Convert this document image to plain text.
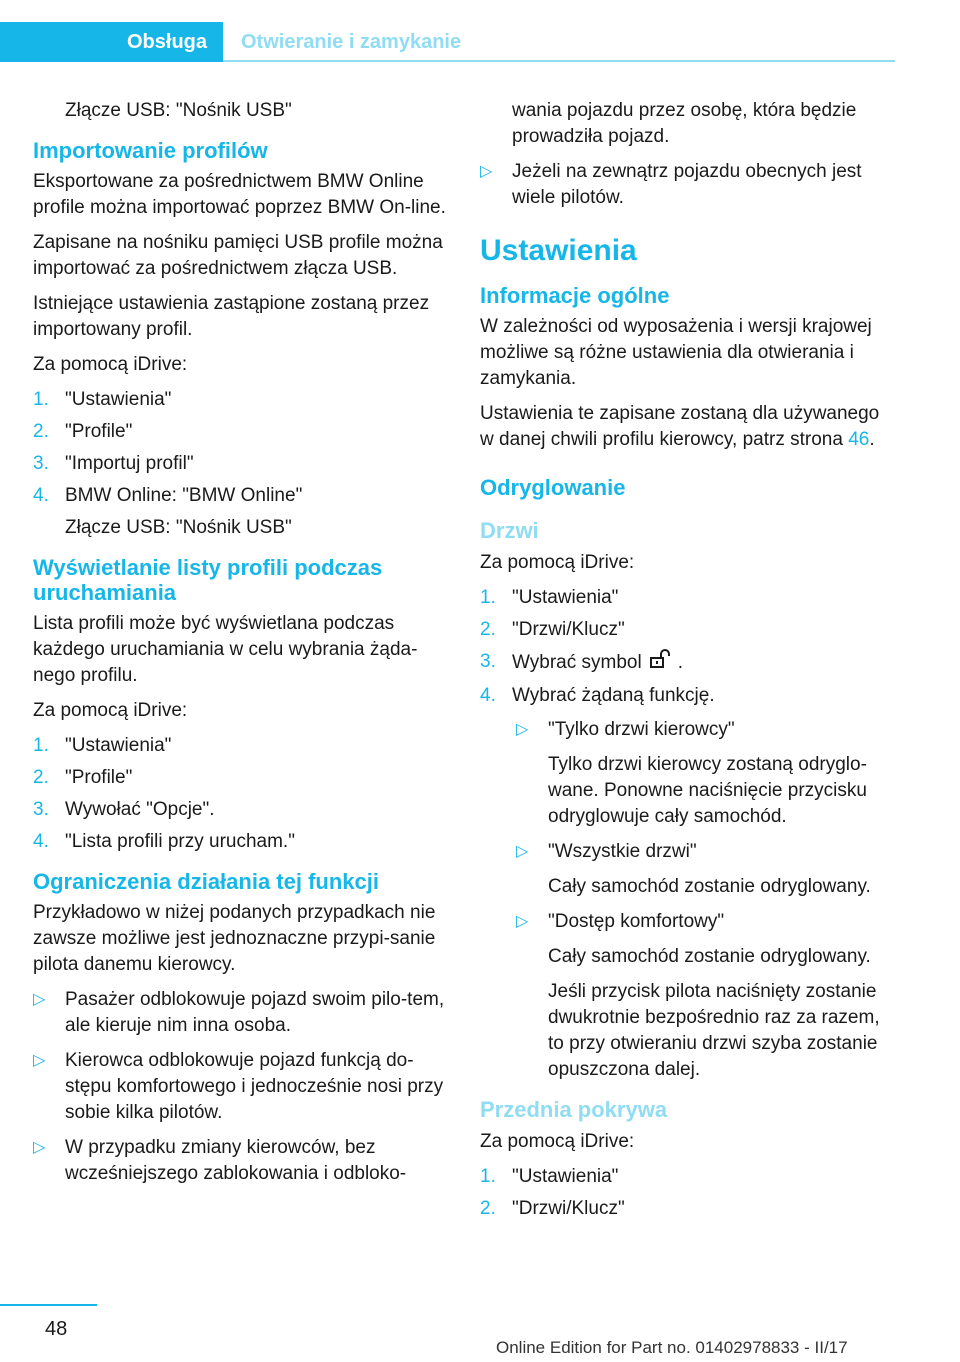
Obsługa	Otwieranie i zamykanie

Złącze USB: "Nośnik USB"

Importowanie profilów

Eksportowane za pośrednictwem BMW Online profile można importować poprzez BMW On‐line.

Zapisane na nośniku pamięci USB profile można importować za pośrednictwem złącza USB.

Istniejące ustawienia zastąpione zostaną przez importowany profil.

Za pomocą iDrive:

1. "Ustawienia"
2. "Profile"
3. "Importuj profil"
4. BMW Online: "BMW Online"

Złącze USB: "Nośnik USB"

Wyświetlanie listy profili podczas uruchamiania

Lista profili może być wyświetlana podczas każdego uruchamiania w celu wybrania żąda‐nego profilu.

Za pomocą iDrive:

1. "Ustawienia"
2. "Profile"
3. Wywołać "Opcje".
4. "Lista profili przy urucham."
Ograniczenia działania tej funkcji

Przykładowo w niżej podanych przypadkach nie zawsze możliwe jest jednoznaczne przypi‐sanie pilota danemu kierowcy.

▷	Pasażer odblokowuje pojazd swoim pilo‐tem, ale kieruje nim inna osoba.
▷	Kierowca odblokowuje pojazd funkcją do‐stępu komfortowego i jednocześnie nosi przy sobie kilka pilotów.
▷	W przypadku zmiany kierowców, bez wcześniejszego zablokowania i odbloko‐

wania pojazdu przez osobę, która będzie prowadziła pojazd.

▷	Jeżeli na zewnątrz pojazdu obecnych jest wiele pilotów.
Ustawienia
Informacje ogólne

W zależności od wyposażenia i wersji krajowej możliwe są różne ustawienia dla otwierania i zamykania.

Ustawienia te zapisane zostaną dla używanego w danej chwili profilu kierowcy, patrz strona 46.

Odryglowanie
Drzwi

Za pomocą iDrive:

1. "Ustawienia"
2. "Drzwi/Klucz"
3. Wybrać symbol .
4. Wybrać żądaną funkcję.
▷	"Tylko drzwi kierowcy"

Tylko drzwi kierowcy zostaną odryglo‐wane. Ponowne naciśnięcie przycisku odryglowuje cały samochód.

▷	"Wszystkie drzwi"

Cały samochód zostanie odryglowany.

▷	"Dostęp komfortowy"

Cały samochód zostanie odryglowany.

Jeśli przycisk pilota naciśnięty zostanie dwukrotnie bezpośrednio raz za razem, to przy otwieraniu drzwi szyba zostanie opuszczona dalej.

Przednia pokrywa

Za pomocą iDrive:

1. "Ustawienia"
2. "Drzwi/Klucz"
48
Online Edition for Part no. 01402978833 - II/17
